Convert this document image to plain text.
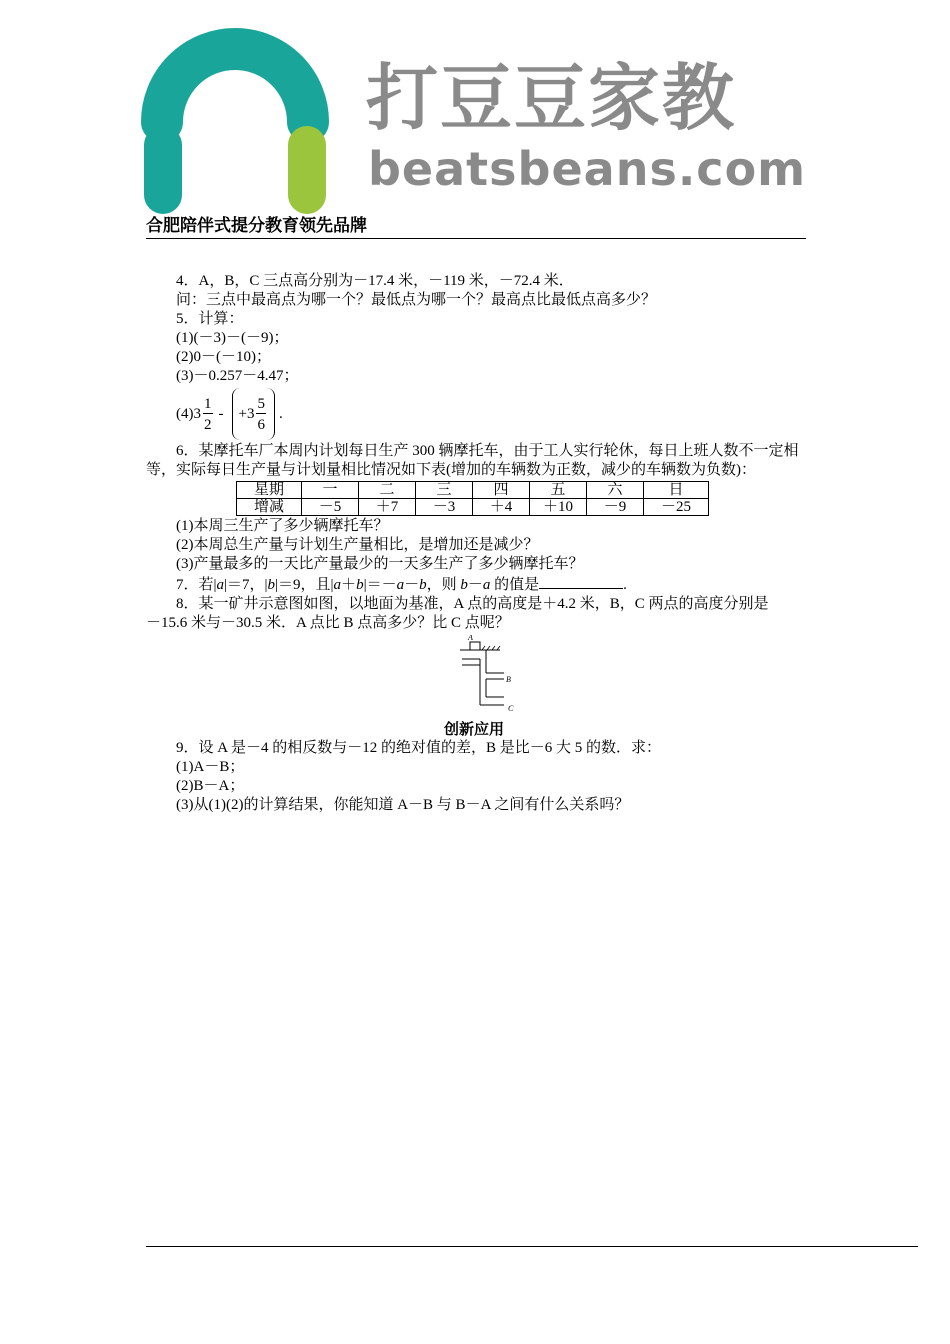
打豆豆家教
beatsbeans.com
合肥陪伴式提分教育领先品牌
4．A，B，C 三点高分别为－17.4 米，－119 米，－72.4 米．
问：三点中最高点为哪一个？最低点为哪一个？最高点比最低点高多少？
5．计算：
(1)(－3)－(－9)；
(2)0－(－10)；
(3)－0.257－4.47；
(4) $3 \frac{1}{2}$ - + $3 \frac{5}{6}$ .
6．某摩托车厂本周内计划每日生产 300 辆摩托车，由于工人实行轮休，每日上班人数不一定相等，实际每日生产量与计划量相比情况如下表(增加的车辆数为正数，减少的车辆数为负数)：
星期	一	二	三	四	五	六	日
增减	－5	＋7	－3	＋4	＋10	－9	－25
(1)本周三生产了多少辆摩托车？
(2)本周总生产量与计划生产量相比，是增加还是减少？
(3)产量最多的一天比产量最少的一天多生产了多少辆摩托车？
7．若|a|＝7，|b|＝9，且|a＋b|＝－a－b，则 b－a 的值是	.
8．某一矿井示意图如图，以地面为基准，A 点的高度是＋4.2 米，B，C 两点的高度分别是
－15.6 米与－30.5 米．A 点比 B 点高多少？比 C 点呢？
A
B
C
创新应用
9．设 A 是－4 的相反数与－12 的绝对值的差，B 是比－6 大 5 的数．求：
(1)A－B；
(2)B－A；
(3)从(1)(2)的计算结果，你能知道 A－B 与 B－A 之间有什么关系吗？
